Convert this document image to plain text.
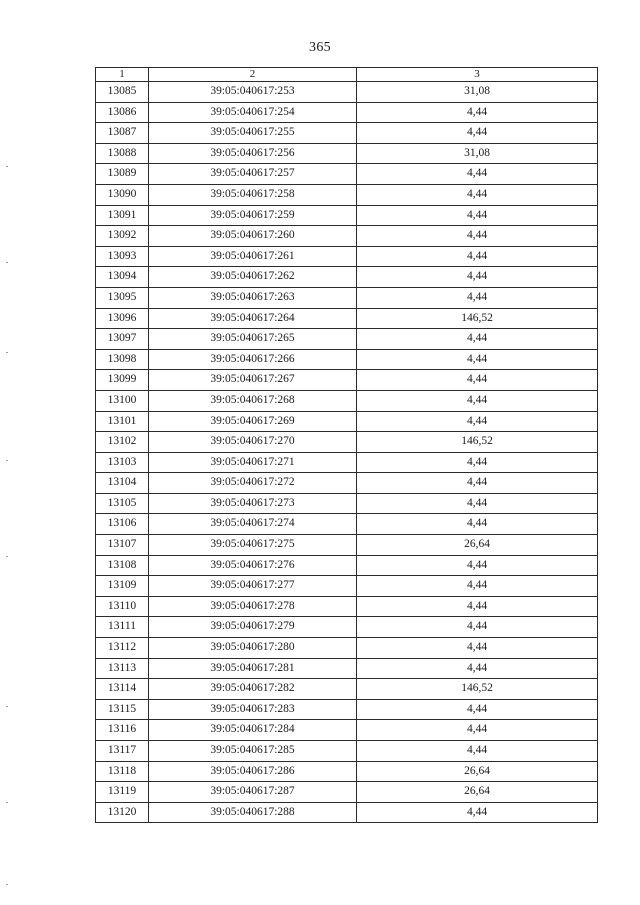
365
1	2	3
13085	39:05:040617:253	31,08
13086	39:05:040617:254	4,44
13087	39:05:040617:255	4,44
13088	39:05:040617:256	31,08
13089	39:05:040617:257	4,44
13090	39:05:040617:258	4,44
13091	39:05:040617:259	4,44
13092	39:05:040617:260	4,44
13093	39:05:040617:261	4,44
13094	39:05:040617:262	4,44
13095	39:05:040617:263	4,44
13096	39:05:040617:264	146,52
13097	39:05:040617:265	4,44
13098	39:05:040617:266	4,44
13099	39:05:040617:267	4,44
13100	39:05:040617:268	4,44
13101	39:05:040617:269	4,44
13102	39:05:040617:270	146,52
13103	39:05:040617:271	4,44
13104	39:05:040617:272	4,44
13105	39:05:040617:273	4,44
13106	39:05:040617:274	4,44
13107	39:05:040617:275	26,64
13108	39:05:040617:276	4,44
13109	39:05:040617:277	4,44
13110	39:05:040617:278	4,44
13111	39:05:040617:279	4,44
13112	39:05:040617:280	4,44
13113	39:05:040617:281	4,44
13114	39:05:040617:282	146,52
13115	39:05:040617:283	4,44
13116	39:05:040617:284	4,44
13117	39:05:040617:285	4,44
13118	39:05:040617:286	26,64
13119	39:05:040617:287	26,64
13120	39:05:040617:288	4,44
